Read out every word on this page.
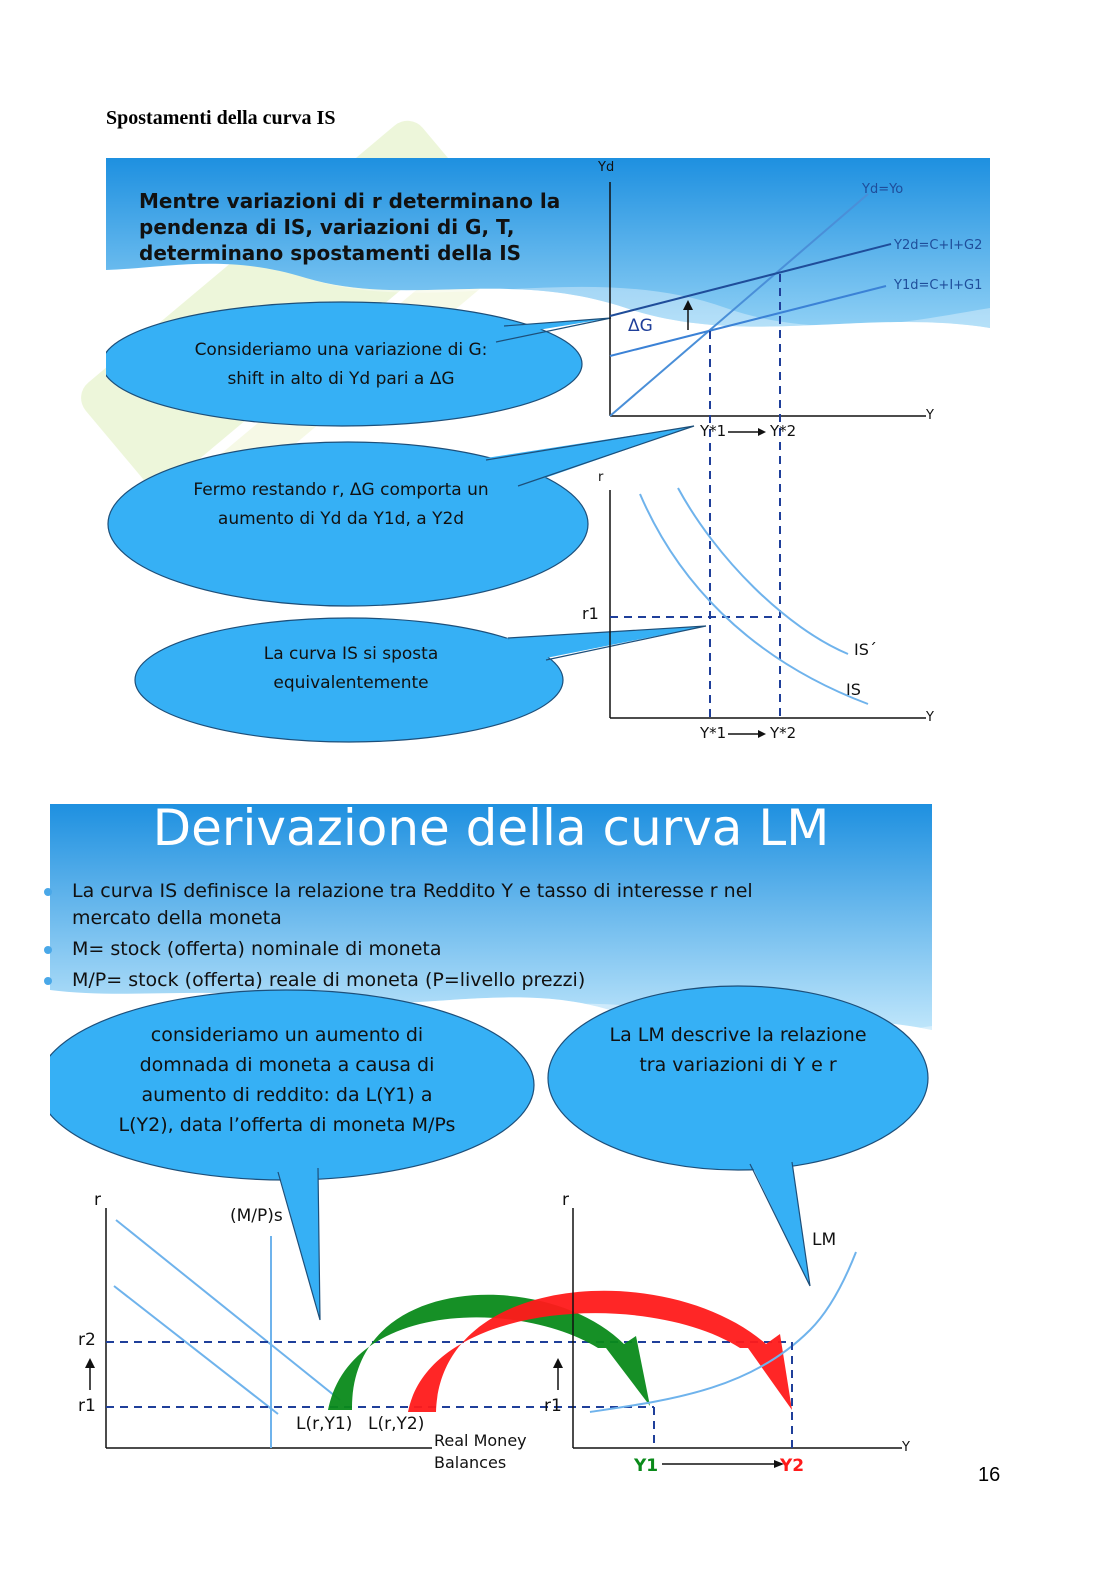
Spostamenti della curva IS
Mentre variazioni di r determinano la pendenza di IS, variazioni di G, T, determinano spostamenti della IS
Consideriamo una variazione di G: shift in alto di Yd pari a ΔG
Fermo restando r, ΔG comporta un aumento di Yd da Y1d, a Y2d
La curva IS si sposta equivalentemente
Yd
Y
Yd=Yo
Y2d=C+I+G2
Y1d=C+I+G1
ΔG
Y*1	Y*2
r
Y
r1
IS´
IS
Y*1	Y*2
Derivazione della curva LM
La curva IS definisce la relazione tra Reddito Y e tasso di interesse r nel mercato della moneta
M= stock (offerta) nominale di moneta
M/P= stock (offerta) reale di moneta (P=livello prezzi)
consideriamo un aumento di domnada di moneta a causa di aumento di reddito: da L(Y1) a L(Y2), data l’offerta di moneta M/Ps
La LM descrive la relazione tra variazioni di Y e r
r
(M/P)s
r2
r1
L(r,Y1) L(r,Y2)
Real Money Balances
r
LM
r1
Y
Y1	Y2	16
